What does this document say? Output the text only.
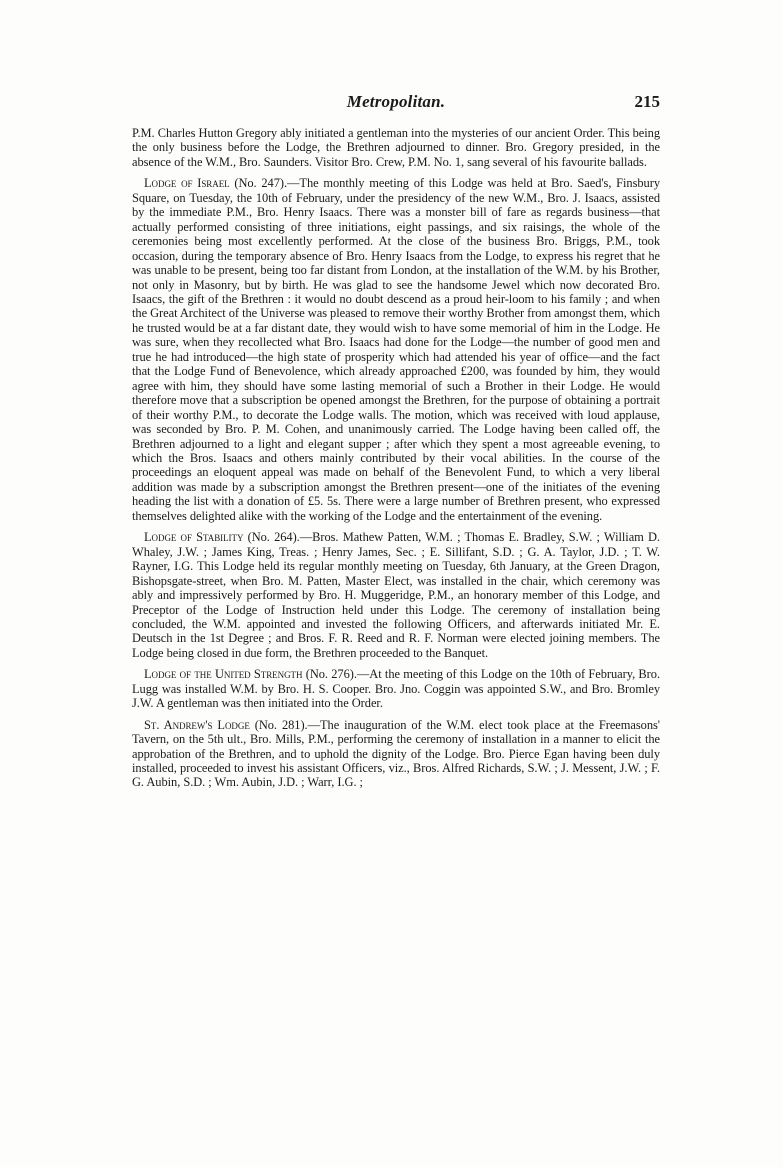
Metropolitan.	215

P.M. Charles Hutton Gregory ably initiated a gentleman into the mysteries of our ancient Order. This being the only business before the Lodge, the Brethren adjourned to dinner. Bro. Gregory presided, in the absence of the W.M., Bro. Saunders. Visitor Bro. Crew, P.M. No. 1, sang several of his favourite ballads.

Lodge of Israel (No. 247).—The monthly meeting of this Lodge was held at Bro. Saed's, Finsbury Square, on Tuesday, the 10th of February, under the presidency of the new W.M., Bro. J. Isaacs, assisted by the immediate P.M., Bro. Henry Isaacs. There was a monster bill of fare as regards business—that actually performed consisting of three initiations, eight passings, and six raisings, the whole of the ceremonies being most excellently performed. At the close of the business Bro. Briggs, P.M., took occasion, during the temporary absence of Bro. Henry Isaacs from the Lodge, to express his regret that he was unable to be present, being too far distant from London, at the installation of the W.M. by his Brother, not only in Masonry, but by birth. He was glad to see the handsome Jewel which now decorated Bro. Isaacs, the gift of the Brethren : it would no doubt descend as a proud heir-loom to his family ; and when the Great Architect of the Universe was pleased to remove their worthy Brother from amongst them, which he trusted would be at a far distant date, they would wish to have some memorial of him in the Lodge. He was sure, when they recollected what Bro. Isaacs had done for the Lodge—the number of good men and true he had introduced—the high state of prosperity which had attended his year of office—and the fact that the Lodge Fund of Benevolence, which already approached £200, was founded by him, they would agree with him, they should have some lasting memorial of such a Brother in their Lodge. He would therefore move that a subscription be opened amongst the Brethren, for the purpose of obtaining a portrait of their worthy P.M., to decorate the Lodge walls. The motion, which was received with loud applause, was seconded by Bro. P. M. Cohen, and unanimously carried. The Lodge having been called off, the Brethren adjourned to a light and elegant supper ; after which they spent a most agreeable evening, to which the Bros. Isaacs and others mainly contributed by their vocal abilities. In the course of the proceedings an eloquent appeal was made on behalf of the Benevolent Fund, to which a very liberal addition was made by a subscription amongst the Brethren present—one of the initiates of the evening heading the list with a donation of £5. 5s. There were a large number of Brethren present, who expressed themselves delighted alike with the working of the Lodge and the entertainment of the evening.

Lodge of Stability (No. 264).—Bros. Mathew Patten, W.M. ; Thomas E. Bradley, S.W. ; William D. Whaley, J.W. ; James King, Treas. ; Henry James, Sec. ; E. Sillifant, S.D. ; G. A. Taylor, J.D. ; T. W. Rayner, I.G. This Lodge held its regular monthly meeting on Tuesday, 6th January, at the Green Dragon, Bishopsgate-street, when Bro. M. Patten, Master Elect, was installed in the chair, which ceremony was ably and impressively performed by Bro. H. Muggeridge, P.M., an honorary member of this Lodge, and Preceptor of the Lodge of Instruction held under this Lodge. The ceremony of installation being concluded, the W.M. appointed and invested the following Officers, and afterwards initiated Mr. E. Deutsch in the 1st Degree ; and Bros. F. R. Reed and R. F. Norman were elected joining members. The Lodge being closed in due form, the Brethren proceeded to the Banquet.

Lodge of the United Strength (No. 276).—At the meeting of this Lodge on the 10th of February, Bro. Lugg was installed W.M. by Bro. H. S. Cooper. Bro. Jno. Coggin was appointed S.W., and Bro. Bromley J.W. A gentleman was then initiated into the Order.

St. Andrew's Lodge (No. 281).—The inauguration of the W.M. elect took place at the Freemasons' Tavern, on the 5th ult., Bro. Mills, P.M., performing the ceremony of installation in a manner to elicit the approbation of the Brethren, and to uphold the dignity of the Lodge. Bro. Pierce Egan having been duly installed, proceeded to invest his assistant Officers, viz., Bros. Alfred Richards, S.W. ; J. Messent, J.W. ; F. G. Aubin, S.D. ; Wm. Aubin, J.D. ; Warr, I.G. ;
